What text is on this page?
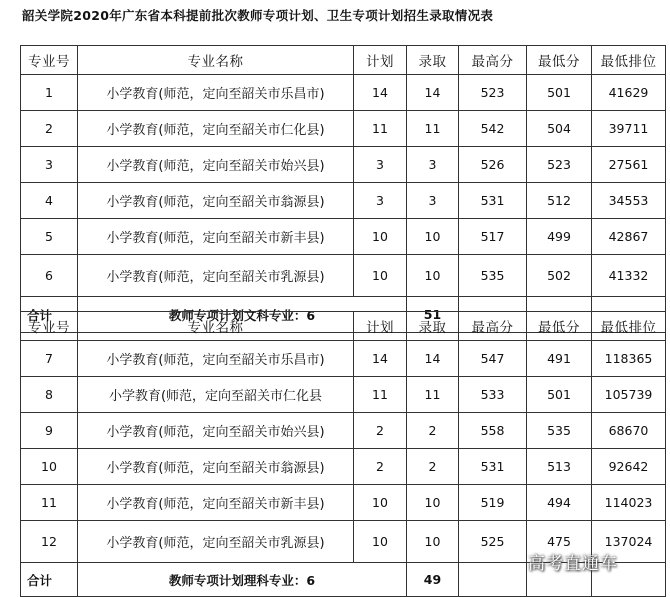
韶关学院2020年广东省本科提前批次教师专项计划、卫生专项计划招生录取情况表
专业号	专业名称	计划	录取	最高分	最低分	最低排位
1	小学教育(师范，定向至韶关市乐昌市)	14	14	523	501	41629
2	小学教育(师范，定向至韶关市仁化县)	11	11	542	504	39711
3	小学教育(师范，定向至韶关市始兴县)	3	3	526	523	27561
4	小学教育(师范，定向至韶关市翁源县)	3	3	531	512	34553
5	小学教育(师范，定向至韶关市新丰县)	10	10	517	499	42867
6	小学教育(师范，定向至韶关市乳源县)	10	10	535	502	41332
合计	教师专项计划文科专业：6		51			
专业号	专业名称	计划	录取	最高分	最低分	最低排位
7	小学教育(师范，定向至韶关市乐昌市)	14	14	547	491	118365
8	小学教育(师范，定向至韶关市仁化县	11	11	533	501	105739
9	小学教育(师范，定向至韶关市始兴县)	2	2	558	535	68670
10	小学教育(师范，定向至韶关市翁源县)	2	2	531	513	92642
11	小学教育(师范，定向至韶关市新丰县)	10	10	519	494	114023
12	小学教育(师范，定向至韶关市乳源县)	10	10	525	475	137024
合计	教师专项计划理科专业：6		49			
高考直通车
